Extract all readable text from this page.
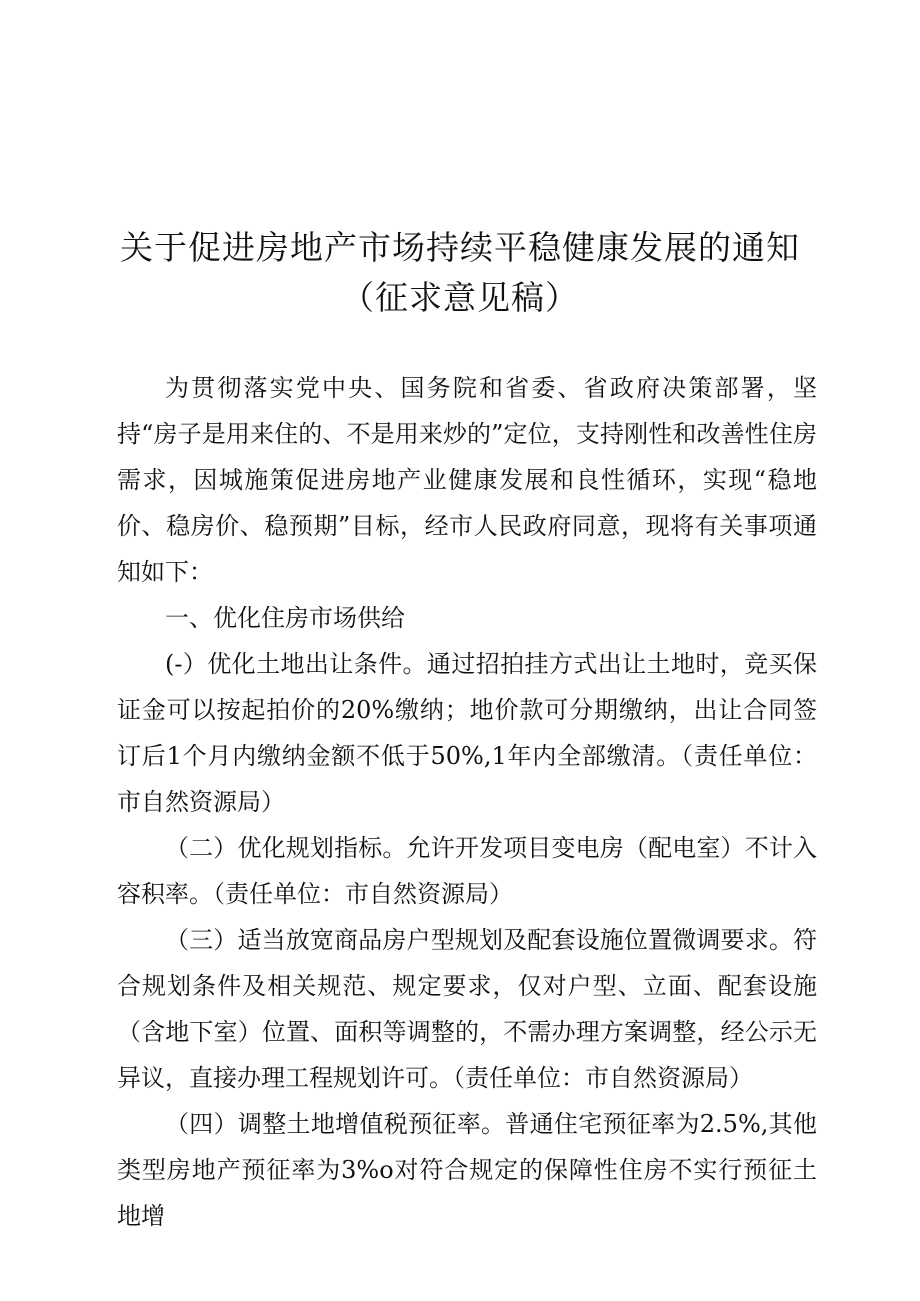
关于促进房地产市场持续平稳健康发展的通知
（征求意见稿）

为贯彻落实党中央、国务院和省委、省政府决策部署，坚持“房子是用来住的、不是用来炒的”定位，支持刚性和改善性住房需求，因城施策促进房地产业健康发展和良性循环，实现“稳地价、稳房价、稳预期”目标，经市人民政府同意，现将有关事项通知如下：

一、优化住房市场供给

(-）优化土地出让条件。通过招拍挂方式出让土地时，竞买保证金可以按起拍价的20%缴纳；地价款可分期缴纳，出让合同签订后1个月内缴纳金额不低于50%,1年内全部缴清。（责任单位：市自然资源局）

（二）优化规划指标。允许开发项目变电房（配电室）不计入容积率。（责任单位：市自然资源局）

（三）适当放宽商品房户型规划及配套设施位置微调要求。符合规划条件及相关规范、规定要求，仅对户型、立面、配套设施（含地下室）位置、面积等调整的，不需办理方案调整，经公示无异议，直接办理工程规划许可。（责任单位：市自然资源局）

（四）调整土地增值税预征率。普通住宅预征率为2.5%,其他类型房地产预征率为3%o对符合规定的保障性住房不实行预征土地增
